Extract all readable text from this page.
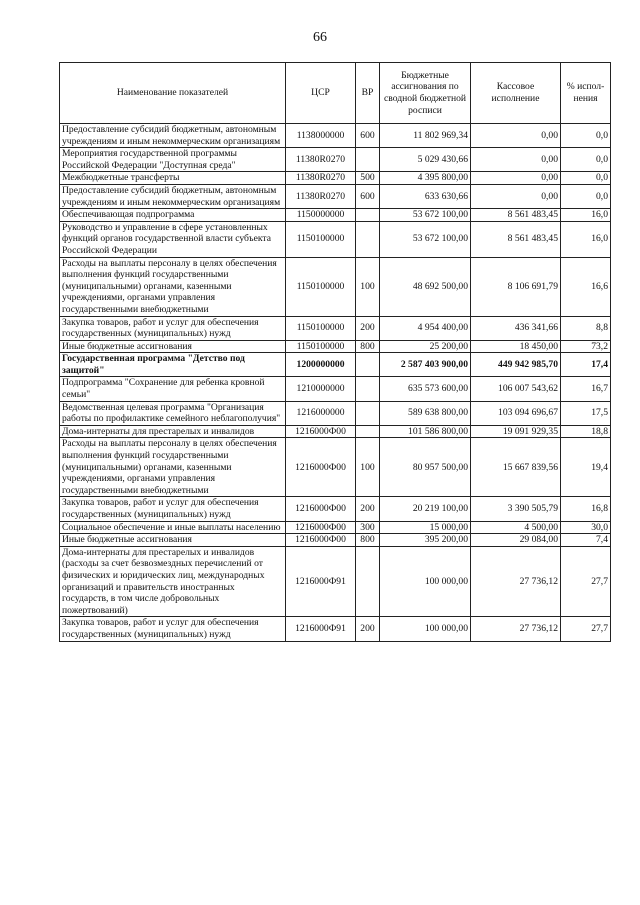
66
Наименование показателей	ЦСР	ВР	Бюджетные ассигнования по сводной бюджетной росписи	Кассовое исполнение	% испол-нения
Предоставление субсидий бюджетным, автономным учреждениям и иным некоммерческим организациям	1138000000	600	11 802 969,34	0,00	0,0
Мероприятия государственной программы Российской Федерации "Доступная среда"	11380R0270		5 029 430,66	0,00	0,0
Межбюджетные трансферты	11380R0270	500	4 395 800,00	0,00	0,0
Предоставление субсидий бюджетным, автономным учреждениям и иным некоммерческим организациям	11380R0270	600	633 630,66	0,00	0,0
Обеспечивающая подпрограмма	1150000000		53 672 100,00	8 561 483,45	16,0
Руководство и управление в сфере установленных функций органов государственной власти субъекта Российской Федерации	1150100000		53 672 100,00	8 561 483,45	16,0
Расходы на выплаты персоналу в целях обеспечения выполнения функций государственными (муниципальными) органами, казенными учреждениями, органами управления государственными внебюджетными	1150100000	100	48 692 500,00	8 106 691,79	16,6
Закупка товаров, работ и услуг для обеспечения государственных (муниципальных) нужд	1150100000	200	4 954 400,00	436 341,66	8,8
Иные бюджетные ассигнования	1150100000	800	25 200,00	18 450,00	73,2
Государственная программа "Детство под защитой"	1200000000		2 587 403 900,00	449 942 985,70	17,4
Подпрограмма "Сохранение для ребенка кровной семьи"	1210000000		635 573 600,00	106 007 543,62	16,7
Ведомственная целевая программа "Организация работы по профилактике семейного неблагополучия"	1216000000		589 638 800,00	103 094 696,67	17,5
Дома-интернаты для престарелых и инвалидов	1216000Ф00		101 586 800,00	19 091 929,35	18,8
Расходы на выплаты персоналу в целях обеспечения выполнения функций государственными (муниципальными) органами, казенными учреждениями, органами управления государственными внебюджетными	1216000Ф00	100	80 957 500,00	15 667 839,56	19,4
Закупка товаров, работ и услуг для обеспечения государственных (муниципальных) нужд	1216000Ф00	200	20 219 100,00	3 390 505,79	16,8
Социальное обеспечение и иные выплаты населению	1216000Ф00	300	15 000,00	4 500,00	30,0
Иные бюджетные ассигнования	1216000Ф00	800	395 200,00	29 084,00	7,4
Дома-интернаты для престарелых и инвалидов (расходы за счет безвозмездных перечислений от физических и юридических лиц, международных организаций и правительств иностранных государств, в том числе добровольных пожертвований)	1216000Ф91		100 000,00	27 736,12	27,7
Закупка товаров, работ и услуг для обеспечения государственных (муниципальных) нужд	1216000Ф91	200	100 000,00	27 736,12	27,7
